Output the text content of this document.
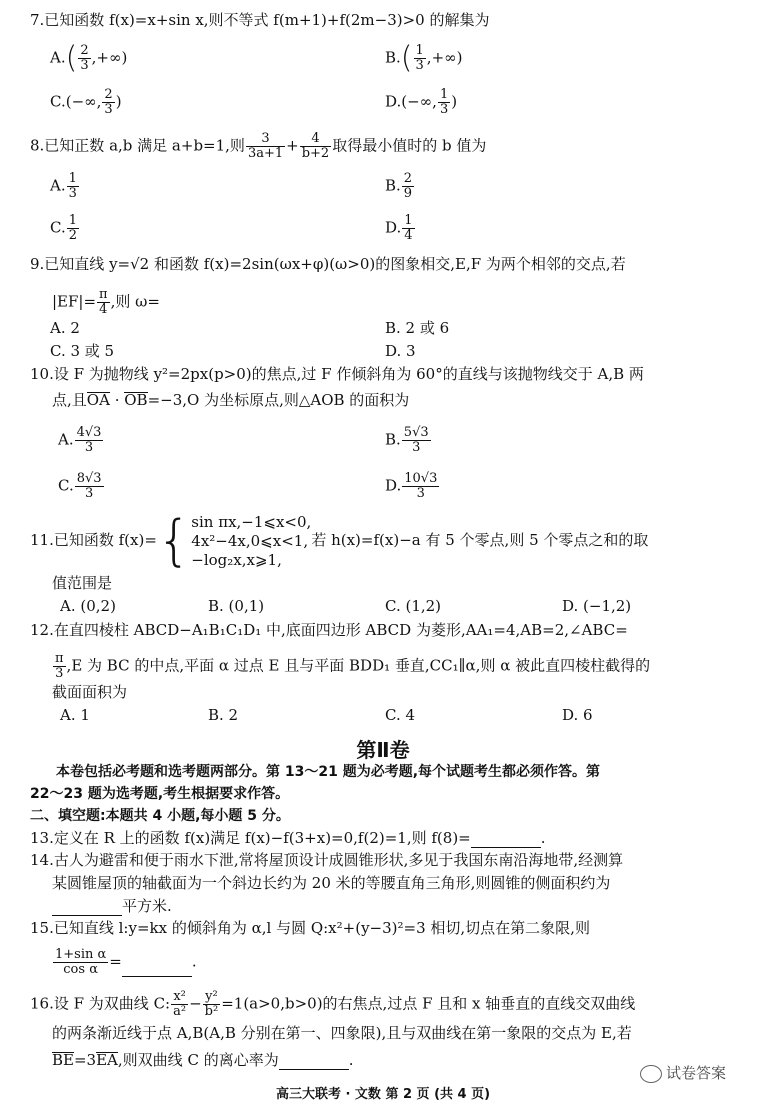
7.已知函数 f(x)=x+sin x,则不等式 f(m+1)+f(2m−3)>0 的解集为
$A.( \frac{2}{3}$ ,+∞)	$B.( \frac{1}{3}$ ,+∞)
C.(−∞, $\frac{2}{3}$ )	D.(−∞, $\frac{1}{3}$ )
8.已知正数 a,b 满足 a+b=1,则 $\frac{3}{3a+1} + \frac{4}{b+2}$ 取得最小值时的 b 值为
A. $\frac{1}{3}$	B. $\frac{2}{9}$
C. $\frac{1}{2}$	D. $\frac{1}{4}$
9.已知直线 y=√2 和函数 f(x)=2sin(ωx+φ)(ω>0)的图象相交,E,F 为两个相邻的交点,若
$|EF|= \frac{\pi}{4}$ ,则 ω=
A. 2	B. 2 或 6
C. 3 或 5	D. 3
10.设 F 为抛物线 y²=2px(p>0)的焦点,过 F 作倾斜角为 60°的直线与该抛物线交于 A,B 两
点,且OA · OB=−3,O 为坐标原点,则△AOB 的面积为
A. $\frac{4√3}{3}$	B. $\frac{5√3}{3}$
C. $\frac{8√3}{3}$	D. $\frac{10√3}{3}$
11.已知函数 f(x)={ sin πx,−1⩽x<0,
4x²−4x,0⩽x<1,
−log₂x,x⩾1,
若 h(x)=f(x)−a 有 5 个零点,则 5 个零点之和的取
值范围是
A. (0,2)	B. (0,1)	C. (1,2)	D. (−1,2)
12.在直四棱柱 ABCD−A₁B₁C₁D₁ 中,底面四边形 ABCD 为菱形,AA₁=4,AB=2,∠ABC=
$\frac{\pi}{3} ,E$ 为 BC 的中点,平面 α 过点 E 且与平面 BDD₁ 垂直,CC₁∥α,则 α 被此直四棱柱截得的
截面面积为
A. 1	B. 2	C. 4	D. 6
第Ⅱ卷
本卷包括必考题和选考题两部分。第 13～21 题为必考题,每个试题考生都必须作答。第
22～23 题为选考题,考生根据要求作答。
二、填空题:本题共 4 小题,每小题 5 分。
13.定义在 R 上的函数 f(x)满足 f(x)−f(3+x)=0,f(2)=1,则 f(8)=	.
14.古人为避雷和便于雨水下泄,常将屋顶设计成圆锥形状,多见于我国东南沿海地带,经测算
某圆锥屋顶的轴截面为一个斜边长约为 20 米的等腰直角三角形,则圆锥的侧面积约为
平方米.
15.已知直线 l:y=kx 的倾斜角为 α,l 与圆 Q:x²+(y−3)²=3 相切,切点在第二象限,则
$\frac{\text{1+sin α}}{\text{cos α}}$ =	.
16.设 F 为双曲线 C: $\frac{\text{x²}}{\text{a²}} - \frac{\text{y²}}{\text{b²}} =1(a>0,b>0)$的右焦点,过点 F 且和 x 轴垂直的直线交双曲线
的两条渐近线于点 A,B(A,B 分别在第一、四象限),且与双曲线在第一象限的交点为 E,若
BE=3EA,则双曲线 C 的离心率为	.
试卷答案
高三大联考 · 文数 第 2 页 (共 4 页)
